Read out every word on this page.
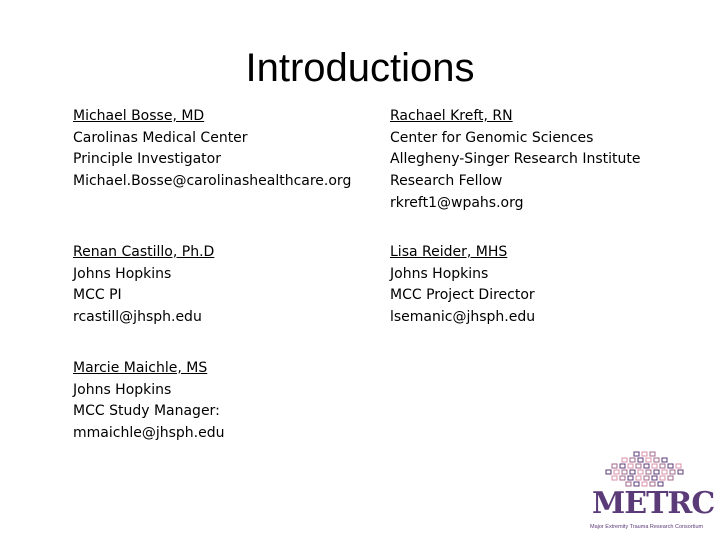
Introductions
Michael Bosse, MD
Carolinas Medical Center
Principle Investigator
Michael.Bosse@carolinashealthcare.org
Rachael Kreft, RN
Center for Genomic Sciences
Allegheny-Singer Research Institute
Research Fellow
rkreft1@wpahs.org
Renan Castillo, Ph.D
Johns Hopkins
MCC PI
rcastill@jhsph.edu
Lisa Reider, MHS
Johns Hopkins
MCC Project Director
lsemanic@jhsph.edu
Marcie Maichle, MS
Johns Hopkins
MCC Study Manager:
mmaichle@jhsph.edu
METRC
Major Extremity Trauma Research Consortium
